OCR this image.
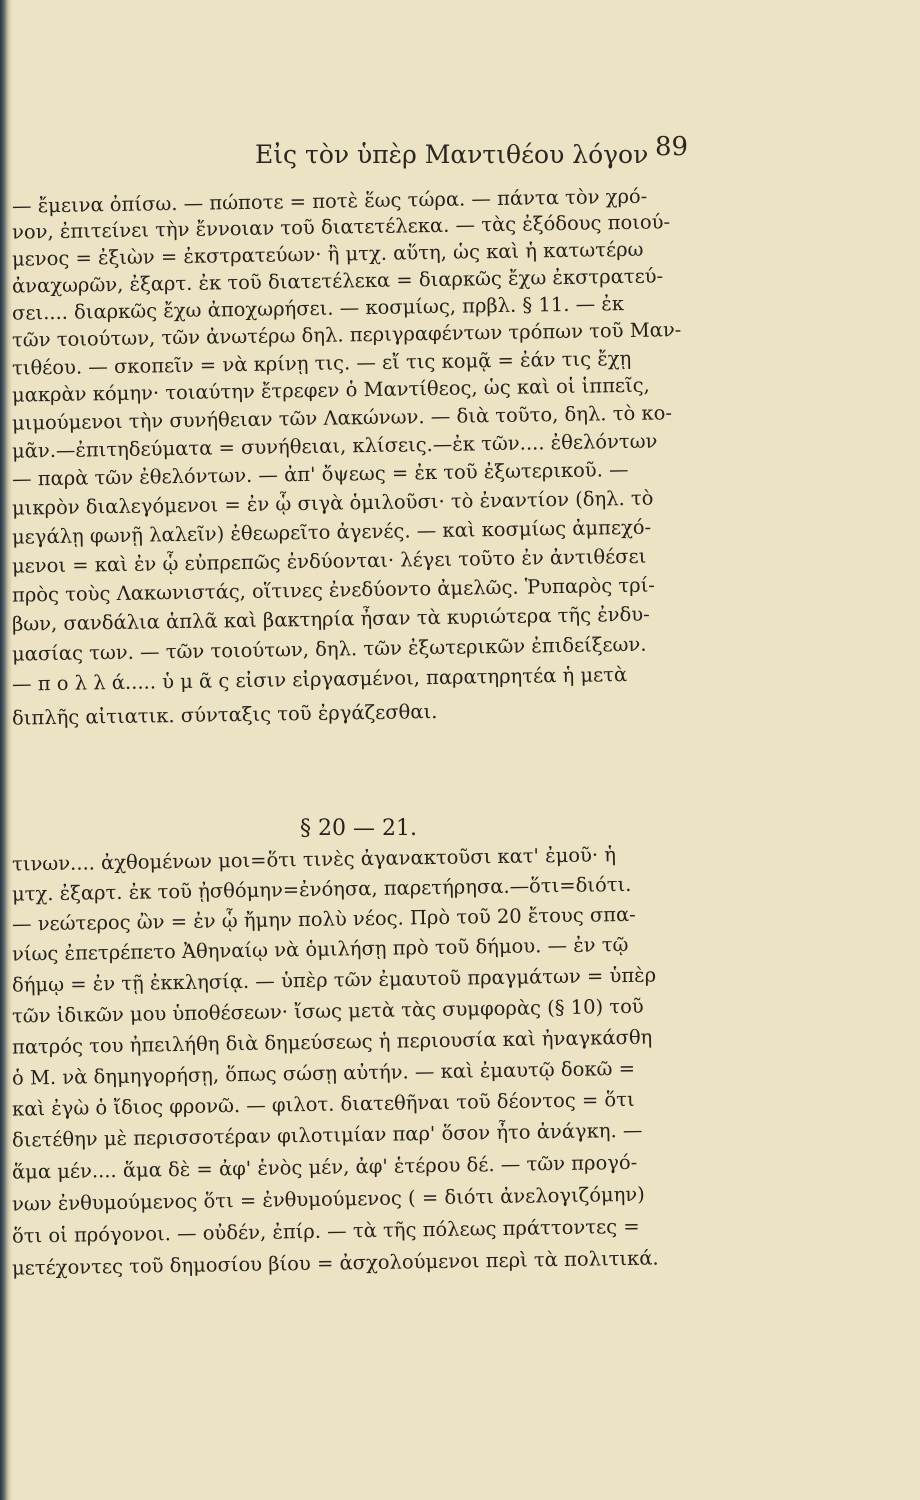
Εἰς τὸν ὑπὲρ Μαντιθέου λόγον 89
— ἔμεινα ὀπίσω. — πώποτε = ποτὲ ἕως τώρα. — πάντα τὸν χρό-
νον, ἐπιτείνει τὴν ἔννοιαν τοῦ διατετέλεκα. — τὰς ἐξόδους ποιού-
μενος = ἐξιὼν = ἐκστρατεύων· ἢ μτχ. αὕτη, ὡς καὶ ἡ κατωτέρω
ἀναχωρῶν, ἐξαρτ. ἐκ τοῦ διατετέλεκα = διαρκῶς ἔχω ἐκστρατεύ-
σει.... διαρκῶς ἔχω ἀποχωρήσει. — κοσμίως, πρβλ. § 11. — ἐκ
τῶν τοιούτων, τῶν ἀνωτέρω δηλ. περιγραφέντων τρόπων τοῦ Μαν-
τιθέου. — σκοπεῖν = νὰ κρίνῃ τις. — εἴ τις κομᾷ = ἐάν τις ἔχῃ
μακρὰν κόμην· τοιαύτην ἔτρεφεν ὁ Μαντίθεος, ὡς καὶ οἱ ἱππεῖς,
μιμούμενοι τὴν συνήθειαν τῶν Λακώνων. — διὰ τοῦτο, δηλ. τὸ κο-
μᾶν.—ἐπιτηδεύματα = συνήθειαι, κλίσεις.—ἐκ τῶν.... ἐθελόντων
— παρὰ τῶν ἐθελόντων. — ἀπ' ὄψεως = ἐκ τοῦ ἐξωτερικοῦ. —
μικρὸν διαλεγόμενοι = ἐν ᾧ σιγὰ ὁμιλοῦσι· τὸ ἐναντίον (δηλ. τὸ
μεγάλῃ φωνῇ λαλεῖν) ἐθεωρεῖτο ἀγενές. — καὶ κοσμίως ἀμπεχό-
μενοι = καὶ ἐν ᾧ εὐπρεπῶς ἐνδύονται· λέγει τοῦτο ἐν ἀντιθέσει
πρὸς τοὺς Λακωνιστάς, οἵτινες ἐνεδύοντο ἀμελῶς. Ῥυπαρὸς τρί-
βων, σανδάλια ἁπλᾶ καὶ βακτηρία ἦσαν τὰ κυριώτερα τῆς ἐνδυ-
μασίας των. — τῶν τοιούτων, δηλ. τῶν ἐξωτερικῶν ἐπιδείξεων.
— π ο λ λ ά..... ὑ μ ᾶ ς εἰσιν εἰργασμένοι, παρατηρητέα ἡ μετὰ
διπλῆς αἰτιατικ. σύνταξις τοῦ ἐργάζεσθαι.
§ 20 — 21.
τινων.... ἀχθομένων μοι=ὅτι τινὲς ἀγανακτοῦσι κατ' ἐμοῦ· ἡ
μτχ. ἐξαρτ. ἐκ τοῦ ᾐσθόμην=ἐνόησα, παρετήρησα.—ὅτι=διότι.
— νεώτερος ὢν = ἐν ᾧ ἤμην πολὺ νέος. Πρὸ τοῦ 20 ἔτους σπα-
νίως ἐπετρέπετο Ἀθηναίῳ νὰ ὁμιλήσῃ πρὸ τοῦ δήμου. — ἐν τῷ
δήμῳ = ἐν τῇ ἐκκλησίᾳ. — ὑπὲρ τῶν ἐμαυτοῦ πραγμάτων = ὑπὲρ
τῶν ἰδικῶν μου ὑποθέσεων· ἴσως μετὰ τὰς συμφορὰς (§ 10) τοῦ
πατρός του ἠπειλήθη διὰ δημεύσεως ἡ περιουσία καὶ ἠναγκάσθη
ὁ Μ. νὰ δημηγορήσῃ, ὅπως σώσῃ αὐτήν. — καὶ ἐμαυτῷ δοκῶ =
καὶ ἐγὼ ὁ ἴδιος φρονῶ. — φιλοτ. διατεθῆναι τοῦ δέοντος = ὅτι
διετέθην μὲ περισσοτέραν φιλοτιμίαν παρ' ὅσον ἦτο ἀνάγκη. —
ἅμα μέν.... ἅμα δὲ = ἀφ' ἑνὸς μέν, ἀφ' ἑτέρου δέ. — τῶν προγό-
νων ἐνθυμούμενος ὅτι = ἐνθυμούμενος ( = διότι ἀνελογιζόμην)
ὅτι οἱ πρόγονοι. — οὐδέν, ἐπίρ. — τὰ τῆς πόλεως πράττοντες =
μετέχοντες τοῦ δημοσίου βίου = ἀσχολούμενοι περὶ τὰ πολιτικά.
